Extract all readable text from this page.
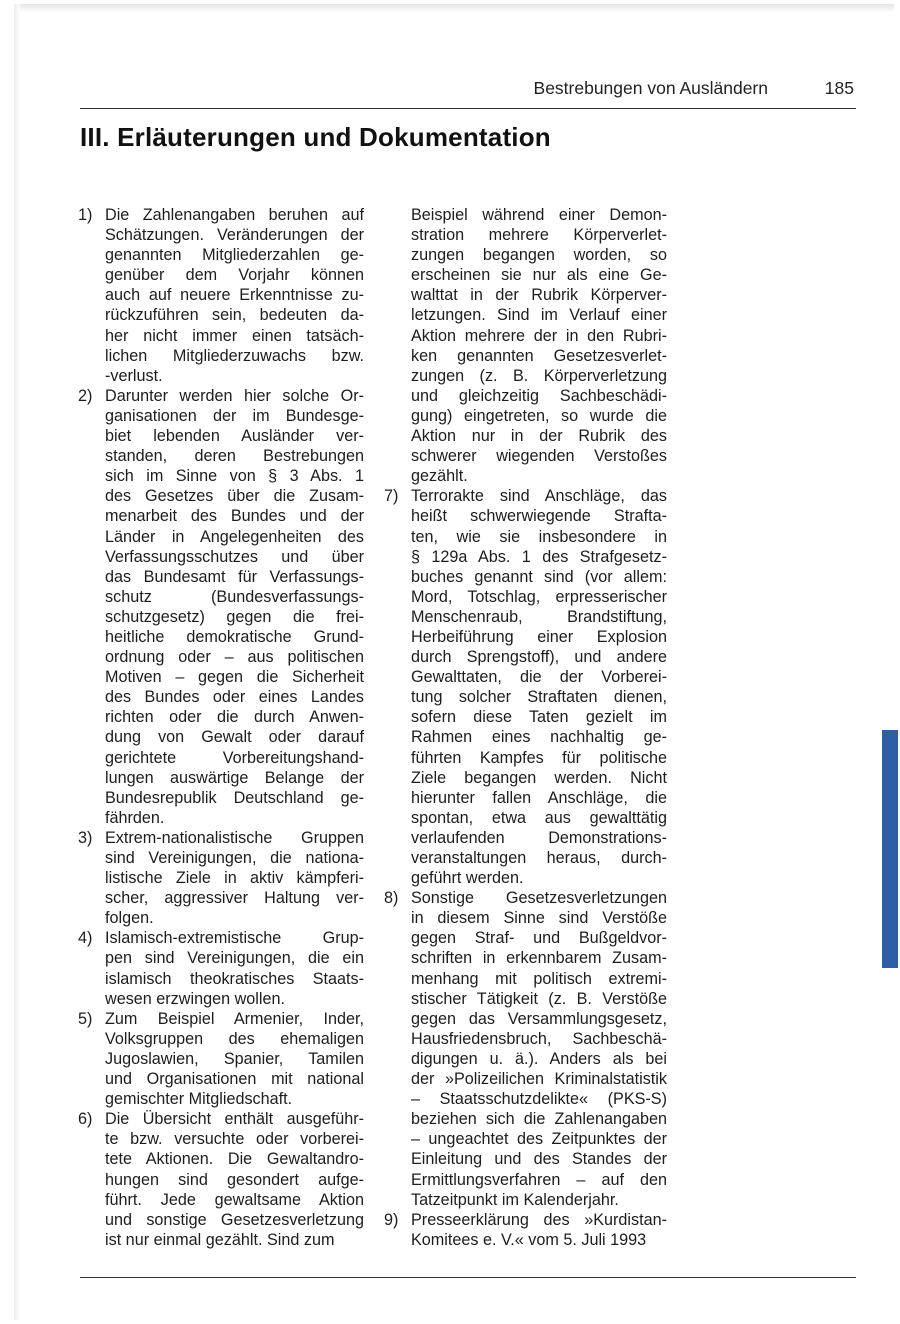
Bestrebungen von Ausländern	185
III. Erläuterungen und Dokumentation
1) Die Zahlenangaben beruhen auf
Schätzungen. Veränderungen der
genannten Mitgliederzahlen ge-
genüber dem Vorjahr können
auch auf neuere Erkenntnisse zu-
rückzuführen sein, bedeuten da-
her nicht immer einen tatsäch-
lichen Mitgliederzuwachs bzw.
-verlust.
2) Darunter werden hier solche Or-
ganisationen der im Bundesge-
biet lebenden Ausländer ver-
standen, deren Bestrebungen
sich im Sinne von § 3 Abs. 1
des Gesetzes über die Zusam-
menarbeit des Bundes und der
Länder in Angelegenheiten des
Verfassungsschutzes und über
das Bundesamt für Verfassungs-
schutz (Bundesverfassungs-
schutzgesetz) gegen die frei-
heitliche demokratische Grund-
ordnung oder – aus politischen
Motiven – gegen die Sicherheit
des Bundes oder eines Landes
richten oder die durch Anwen-
dung von Gewalt oder darauf
gerichtete Vorbereitungshand-
lungen auswärtige Belange der
Bundesrepublik Deutschland ge-
fährden.
3) Extrem-nationalistische Gruppen
sind Vereinigungen, die nationa-
listische Ziele in aktiv kämpferi-
scher, aggressiver Haltung ver-
folgen.
4) Islamisch-extremistische Grup-
pen sind Vereinigungen, die ein
islamisch theokratisches Staats-
wesen erzwingen wollen.
5) Zum Beispiel Armenier, Inder,
Volksgruppen des ehemaligen
Jugoslawien, Spanier, Tamilen
und Organisationen mit national
gemischter Mitgliedschaft.
6) Die Übersicht enthält ausgeführ-
te bzw. versuchte oder vorberei-
tete Aktionen. Die Gewaltandro-
hungen sind gesondert aufge-
führt. Jede gewaltsame Aktion
und sonstige Gesetzesverletzung
ist nur einmal gezählt. Sind zum
Beispiel während einer Demon-
stration mehrere Körperverlet-
zungen begangen worden, so
erscheinen sie nur als eine Ge-
walttat in der Rubrik Körperver-
letzungen. Sind im Verlauf einer
Aktion mehrere der in den Rubri-
ken genannten Gesetzesverlet-
zungen (z. B. Körperverletzung
und gleichzeitig Sachbeschädi-
gung) eingetreten, so wurde die
Aktion nur in der Rubrik des
schwerer wiegenden Verstoßes
gezählt.
7) Terrorakte sind Anschläge, das
heißt schwerwiegende Strafta-
ten, wie sie insbesondere in
§ 129a Abs. 1 des Strafgesetz-
buches genannt sind (vor allem:
Mord, Totschlag, erpresserischer
Menschenraub, Brandstiftung,
Herbeiführung einer Explosion
durch Sprengstoff), und andere
Gewalttaten, die der Vorberei-
tung solcher Straftaten dienen,
sofern diese Taten gezielt im
Rahmen eines nachhaltig ge-
führten Kampfes für politische
Ziele begangen werden. Nicht
hierunter fallen Anschläge, die
spontan, etwa aus gewalttätig
verlaufenden Demonstrations-
veranstaltungen heraus, durch-
geführt werden.
8) Sonstige Gesetzesverletzungen
in diesem Sinne sind Verstöße
gegen Straf- und Bußgeldvor-
schriften in erkennbarem Zusam-
menhang mit politisch extremi-
stischer Tätigkeit (z. B. Verstöße
gegen das Versammlungsgesetz,
Hausfriedensbruch, Sachbeschä-
digungen u. ä.). Anders als bei
der »Polizeilichen Kriminalstatistik
– Staatsschutzdelikte« (PKS-S)
beziehen sich die Zahlenangaben
– ungeachtet des Zeitpunktes der
Einleitung und des Standes der
Ermittlungsverfahren – auf den
Tatzeitpunkt im Kalenderjahr.
9) Presseerklärung des »Kurdistan-
Komitees e. V.« vom 5. Juli 1993
